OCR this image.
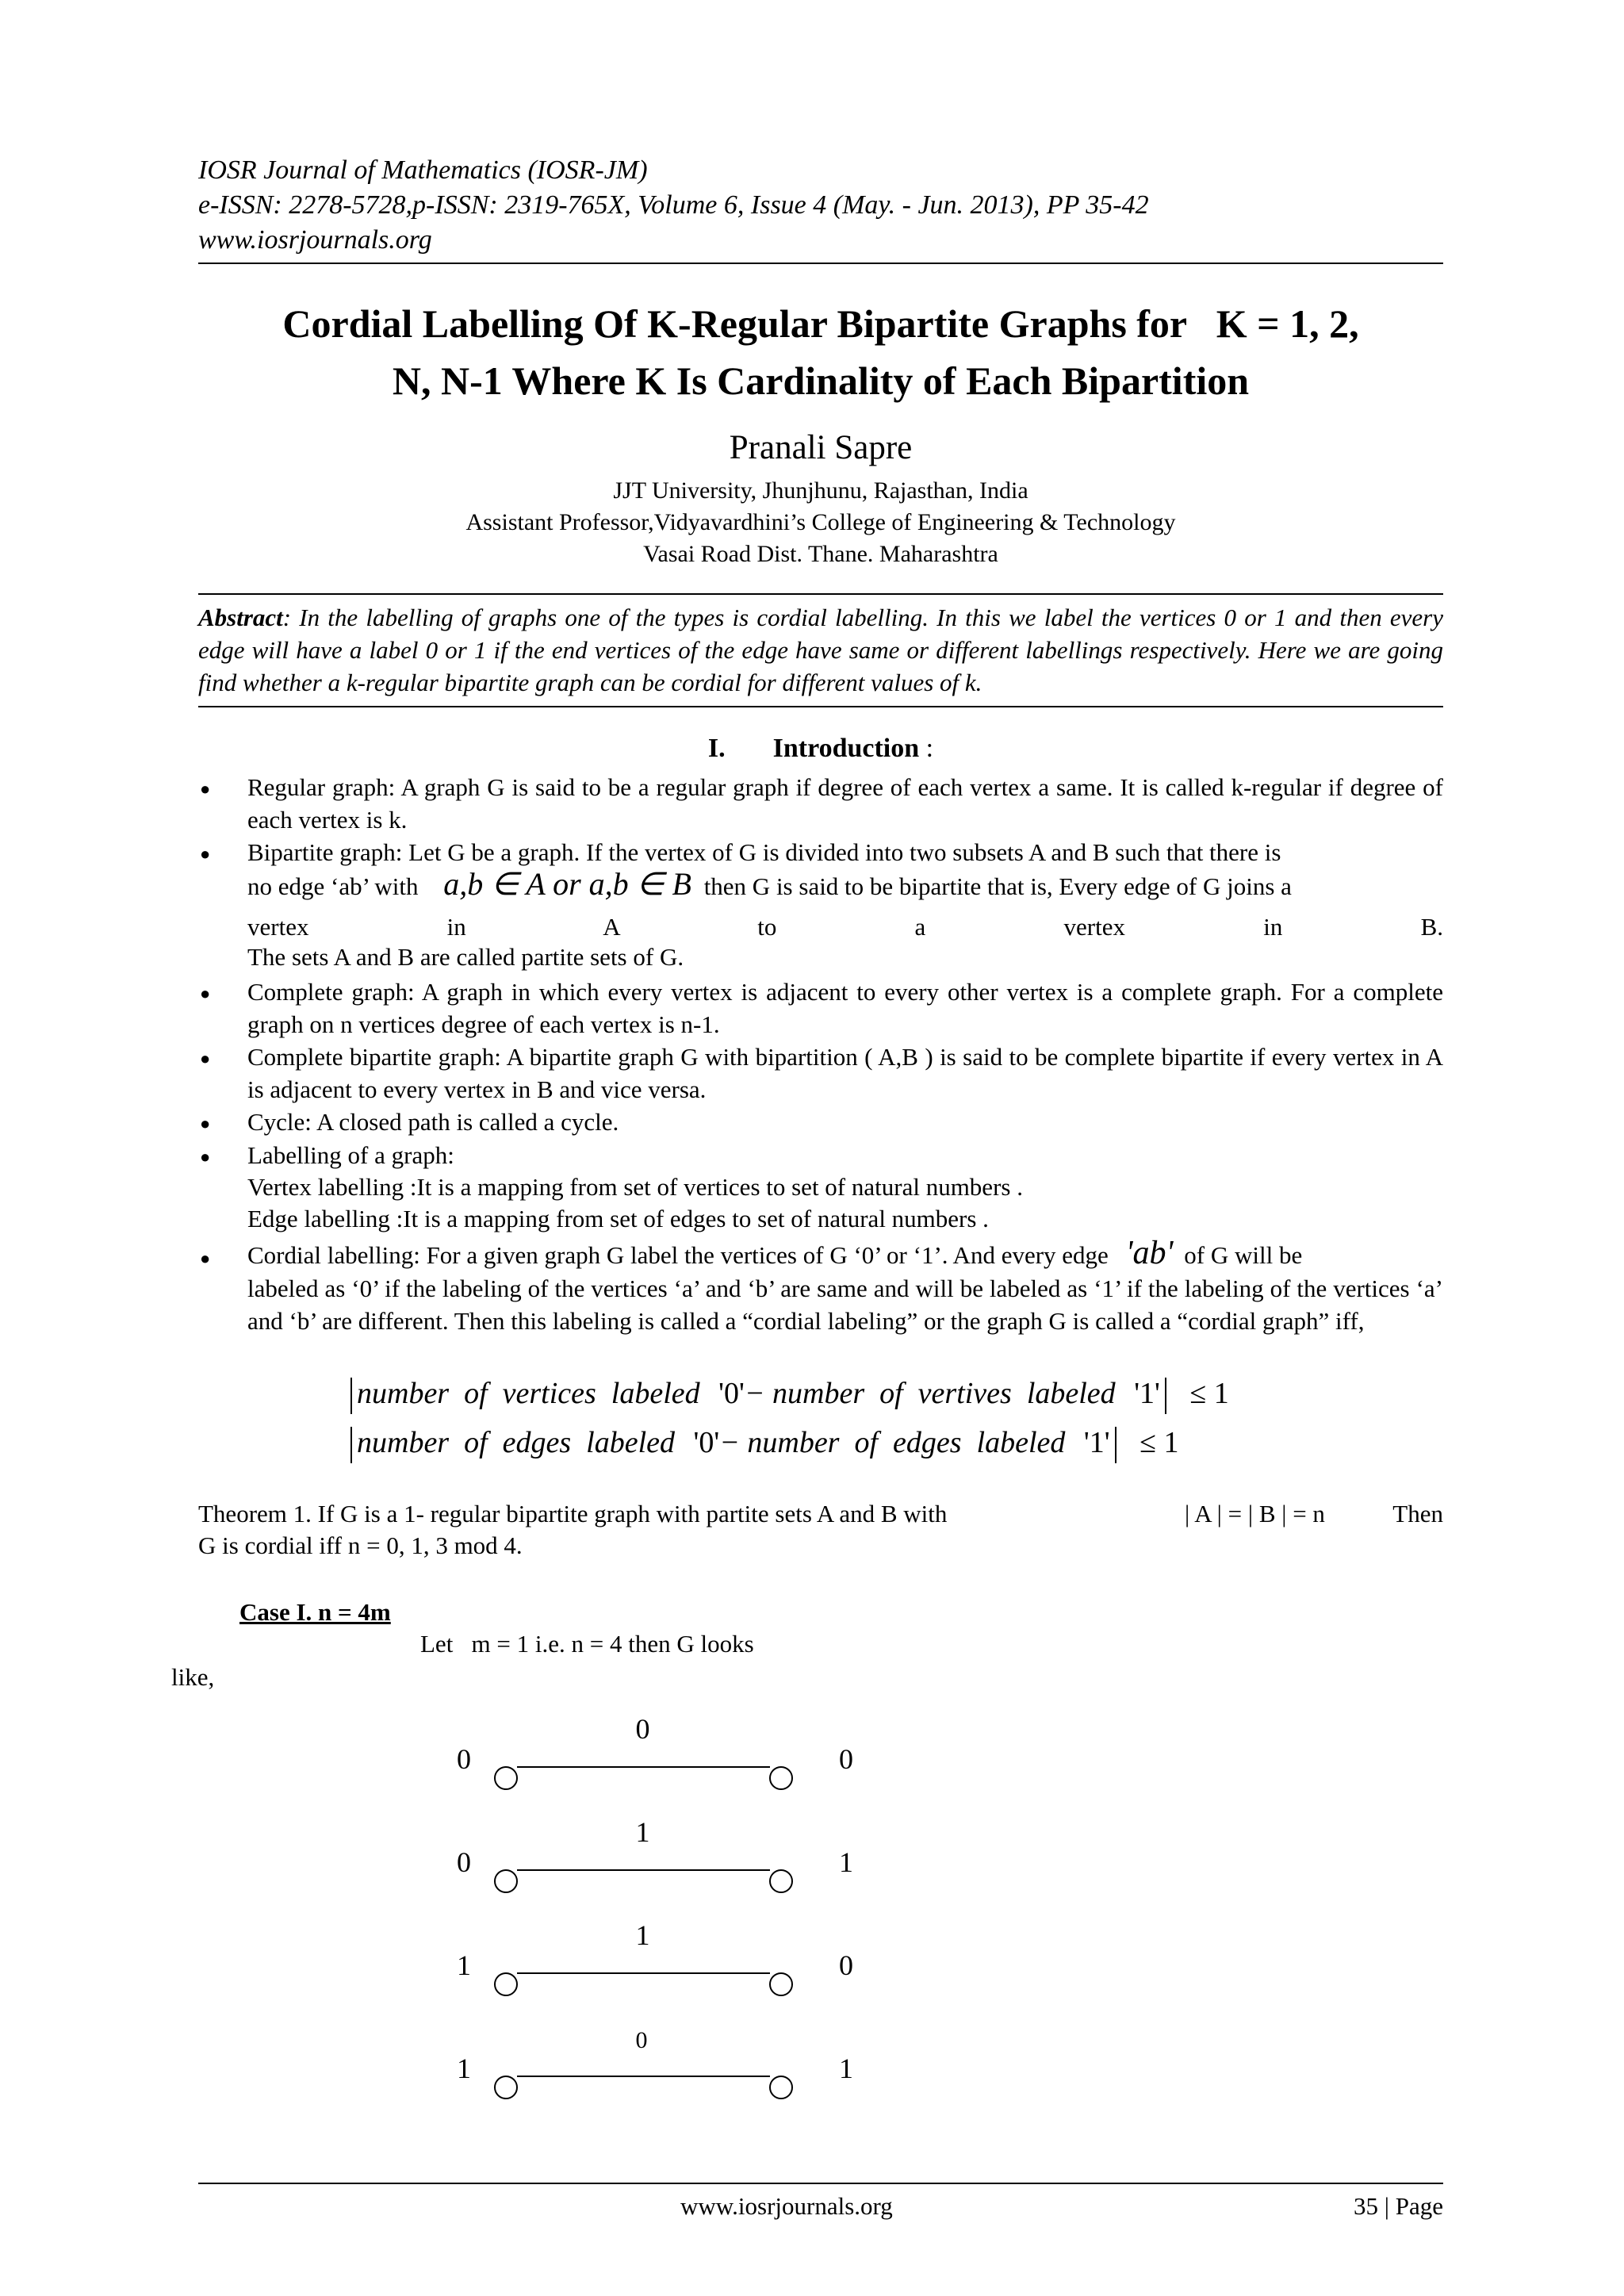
IOSR Journal of Mathematics (IOSR-JM)
e-ISSN: 2278-5728,p-ISSN: 2319-765X, Volume 6, Issue 4 (May. - Jun. 2013), PP 35-42
www.iosrjournals.org
Cordial Labelling Of K-Regular Bipartite Graphs for   K = 1, 2,
N, N-1 Where K Is Cardinality of Each Bipartition
Pranali Sapre
JJT University, Jhunjhunu, Rajasthan, India
Assistant Professor,Vidyavardhini’s College of Engineering & Technology
Vasai Road Dist. Thane. Maharashtra
Abstract: In the labelling of graphs one of the types is cordial labelling. In this we label the vertices 0 or 1 and then every edge will have a label 0 or 1 if the end vertices of the edge have same or different labellings respectively. Here we are going find whether a k-regular bipartite graph can be cordial for different values of k.
I. Introduction :
● Regular graph: A graph G is said to be a regular graph if degree of each vertex a same. It is called k-regular if degree of each vertex is k.
● Bipartite graph: Let G be a graph. If the vertex of G is divided into two subsets A and B such that there is
no edge ‘ab’ with a,b ∈ A or a,b ∈ B then G is said to be bipartite that is, Every edge of G joins a
vertex in A to a vertex in B.
The sets A and B are called partite sets of G.
● Complete graph: A graph in which every vertex is adjacent to every other vertex is a complete graph. For a complete graph on n vertices degree of each vertex is n-1.
● Complete bipartite graph: A bipartite graph G with bipartition ( A,B ) is said to be complete bipartite if every vertex in A is adjacent to every vertex in B and vice versa.
● Cycle: A closed path is called a cycle.
● Labelling of a graph:
Vertex labelling :It is a mapping from set of vertices to set of natural numbers .
Edge labelling :It is a mapping from set of edges to set of natural numbers .
● Cordial labelling: For a given graph G label the vertices of G ‘0’ or ‘1’. And every edge 'ab' of G will be
labeled as ‘0’ if the labeling of the vertices ‘a’ and ‘b’ are same and will be labeled as ‘1’ if the labeling of the vertices ‘a’ and ‘b’ are different. Then this labeling is called a “cordial labeling” or the graph G is called a “cordial graph” iff,
number  of  vertices  labeled '0'− number  of  vertives  labeled '1' ≤ 1
number  of  edges  labeled '0'− number  of  edges  labeled '1' ≤ 1
Theorem 1. If G is a 1- regular bipartite graph with partite sets A and B with	| A | = | B | = n	Then
G is cordial iff n = 0, 1, 3 mod 4.
Case I. n = 4m
Let   m = 1 i.e. n = 4 then G looks
like,
0
0
0
0
1
1
1
1
0
1
0
1
www.iosrjournals.org	35 | Page
